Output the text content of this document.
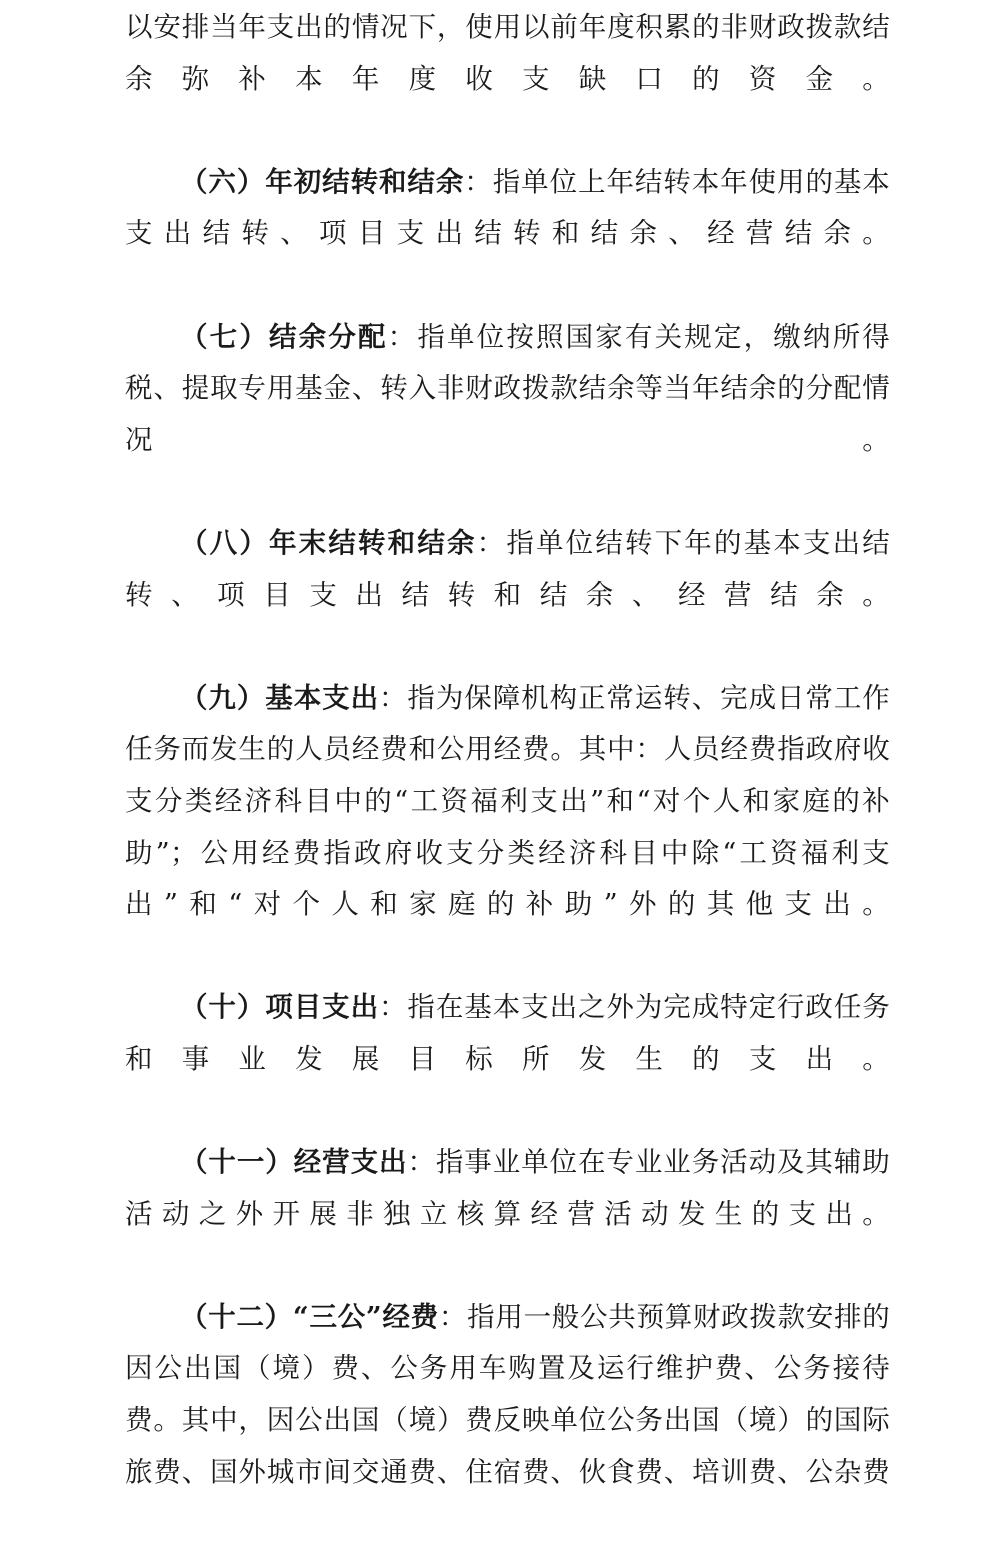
以安排当年支出的情况下，使用以前年度积累的非财政拨款结余弥补本年度收支缺口的资金。

（六）年初结转和结余：指单位上年结转本年使用的基本支出结转、项目支出结转和结余、经营结余。

（七）结余分配：指单位按照国家有关规定，缴纳所得税、提取专用基金、转入非财政拨款结余等当年结余的分配情况。

（八）年末结转和结余：指单位结转下年的基本支出结转、项目支出结转和结余、经营结余。

（九）基本支出：指为保障机构正常运转、完成日常工作任务而发生的人员经费和公用经费。其中：人员经费指政府收支分类经济科目中的“工资福利支出”和“对个人和家庭的补助”；公用经费指政府收支分类经济科目中除“工资福利支出”和“对个人和家庭的补助”外的其他支出。

（十）项目支出：指在基本支出之外为完成特定行政任务和事业发展目标所发生的支出。

（十一）经营支出：指事业单位在专业业务活动及其辅助活动之外开展非独立核算经营活动发生的支出。

（十二）“三公”经费：指用一般公共预算财政拨款安排的因公出国（境）费、公务用车购置及运行维护费、公务接待费。其中，因公出国（境）费反映单位公务出国（境）的国际旅费、国外城市间交通费、住宿费、伙食费、培训费、公杂费
